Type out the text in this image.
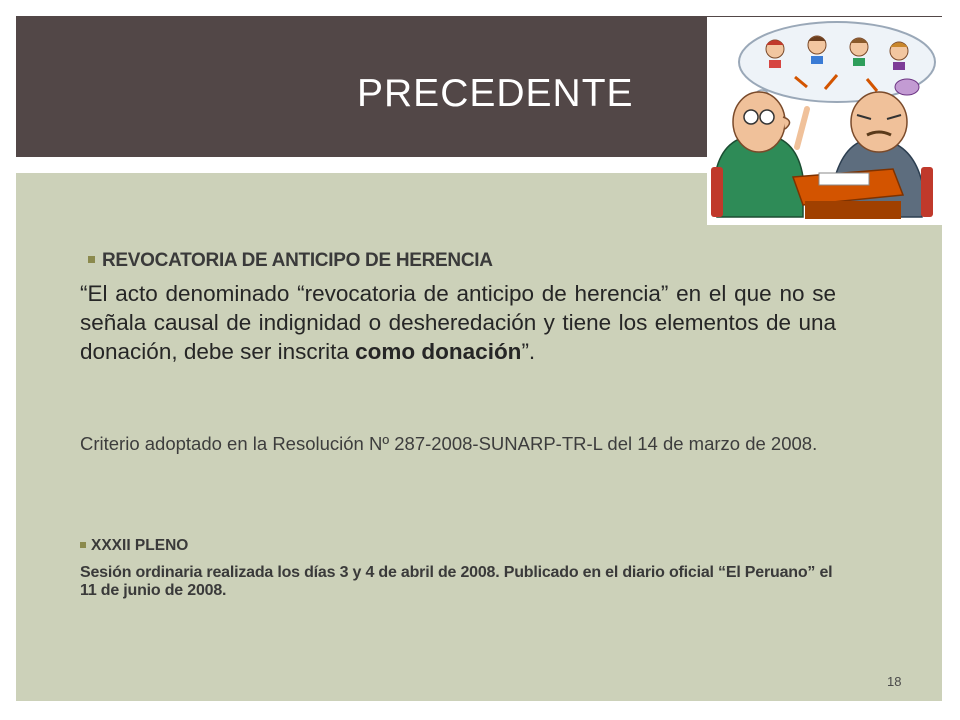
PRECEDENTE
REVOCATORIA DE ANTICIPO DE HERENCIA

“El acto denominado “revocatoria de anticipo de herencia” en el que no se señala causal de indignidad o desheredación y tiene los elementos de una donación, debe ser inscrita como donación”.

Criterio adoptado en la Resolución Nº 287-2008-SUNARP-TR-L del 14 de marzo de 2008.

XXXII PLENO

Sesión ordinaria realizada los días 3 y 4 de abril de 2008. Publicado en el diario oficial “El Peruano” el 11 de junio de 2008.

18
